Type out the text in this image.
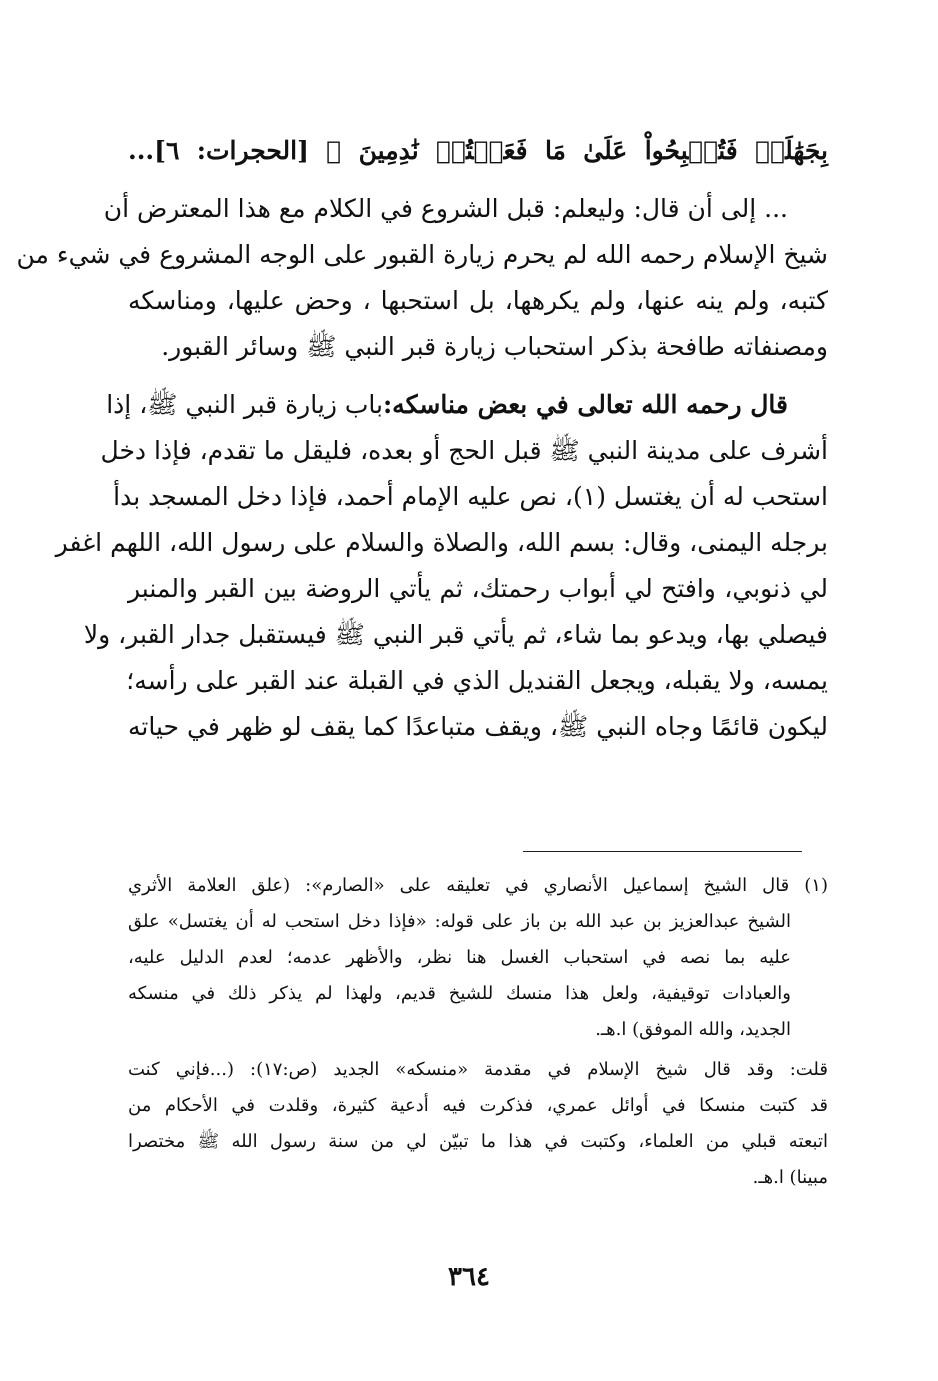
بِجَهَٰلَةٖ فَتُصۡبِحُواْ عَلَىٰ مَا فَعَلۡتُمۡ نَٰدِمِينَ ﴾ [الحجرات: ٦]...

... إلى أن قال: وليعلم: قبل الشروع في الكلام مع هذا المعترض أن
شيخ الإسلام رحمه الله لم يحرم زيارة القبور على الوجه المشروع في شيء من
كتبه، ولم ينه عنها، ولم يكرهها، بل استحبها ، وحض عليها، ومناسكه
ومصنفاته طافحة بذكر استحباب زيارة قبر النبي ﷺ وسائر القبور.

قال رحمه الله تعالى في بعض مناسكه:باب زيارة قبر النبي ﷺ، إذا
أشرف على مدينة النبي ﷺ قبل الحج أو بعده، فليقل ما تقدم، فإذا دخل
استحب له أن يغتسل (١)، نص عليه الإمام أحمد، فإذا دخل المسجد بدأ
برجله اليمنى، وقال: بسم الله، والصلاة والسلام على رسول الله، اللهم اغفر
لي ذنوبي، وافتح لي أبواب رحمتك، ثم يأتي الروضة بين القبر والمنبر
فيصلي بها، ويدعو بما شاء، ثم يأتي قبر النبي ﷺ فيستقبل جدار القبر، ولا
يمسه، ولا يقبله، ويجعل القنديل الذي في القبلة عند القبر على رأسه؛
ليكون قائمًا وجاه النبي ﷺ، ويقف متباعدًا كما يقف لو ظهر في حياته

(١) قال الشيخ إسماعيل الأنصاري في تعليقه على «الصارم»: (علق العلامة الأثري
الشيخ عبدالعزيز بن عبد الله بن باز على قوله: «فإذا دخل استحب له أن يغتسل» علق
عليه بما نصه في استحباب الغسل هنا نظر، والأظهر عدمه؛ لعدم الدليل عليه،
والعبادات توقيفية، ولعل هذا منسك للشيخ قديم، ولهذا لم يذكر ذلك في منسكه
الجديد، والله الموفق) ا.هـ.
قلت: وقد قال شيخ الإسلام في مقدمة «منسكه» الجديد (ص:١٧): (...فإني كنت
قد كتبت منسكا في أوائل عمري، فذكرت فيه أدعية كثيرة، وقلدت في الأحكام من
اتبعته قبلي من العلماء، وكتبت في هذا ما تبيّن لي من سنة رسول الله ﷺ مختصرا
مبينا) ا.هـ.
٣٦٤
